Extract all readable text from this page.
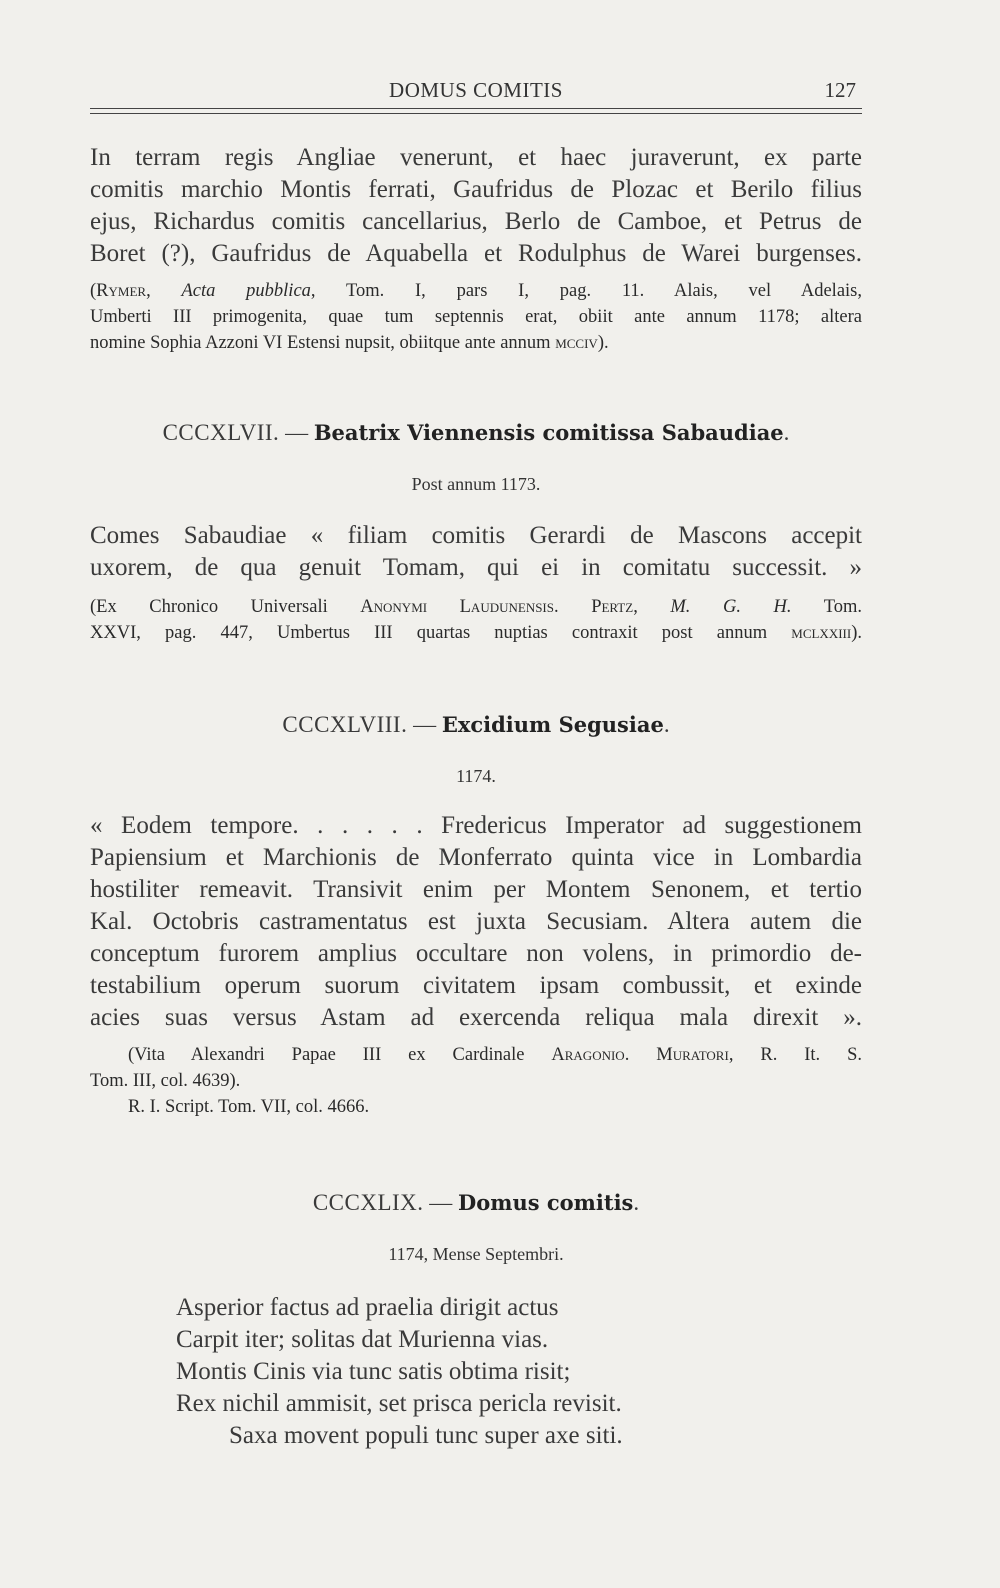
DOMUS COMITIS	127
In terram regis Angliae venerunt, et haec juraverunt, ex parte
comitis marchio Montis ferrati, Gaufridus de Plozac et Berilo filius
ejus, Richardus comitis cancellarius, Berlo de Camboe, et Petrus de
Boret (?), Gaufridus de Aquabella et Rodulphus de Warei burgenses.
(Rymer, Acta pubblica, Tom. I, pars I, pag. 11. Alais, vel Adelais,
Umberti III primogenita, quae tum septennis erat, obiit ante annum 1178; altera
nomine Sophia Azzoni VI Estensi nupsit, obiitque ante annum mcciv).
CCCXLVII. — Beatrix Viennensis comitissa Sabaudiae.
Post annum 1173.
Comes Sabaudiae « filiam comitis Gerardi de Mascons accepit
uxorem, de qua genuit Tomam, qui ei in comitatu successit. »
(Ex Chronico Universali Anonymi Laudunensis. Pertz, M. G. H. Tom.
XXVI, pag. 447, Umbertus III quartas nuptias contraxit post annum mclxxiii).
CCCXLVIII. — Excidium Segusiae.
1174.
« Eodem tempore. . . . . . Fredericus Imperator ad suggestionem
Papiensium et Marchionis de Monferrato quinta vice in Lombardia
hostiliter remeavit. Transivit enim per Montem Senonem, et tertio
Kal. Octobris castramentatus est juxta Secusiam. Altera autem die
conceptum furorem amplius occultare non volens, in primordio de-
testabilium operum suorum civitatem ipsam combussit, et exinde
acies suas versus Astam ad exercenda reliqua mala direxit ».
(Vita Alexandri Papae III ex Cardinale Aragonio. Muratori, R. It. S.
Tom. III, col. 4639).
R. I. Script. Tom. VII, col. 4666.
CCCXLIX. — Domus comitis.
1174, Mense Septembri.
Asperior factus ad praelia dirigit actus
Carpit iter; solitas dat Murienna vias.
Montis Cinis via tunc satis obtima risit;
Rex nichil ammisit, set prisca pericla revisit.
Saxa movent populi tunc super axe siti.
